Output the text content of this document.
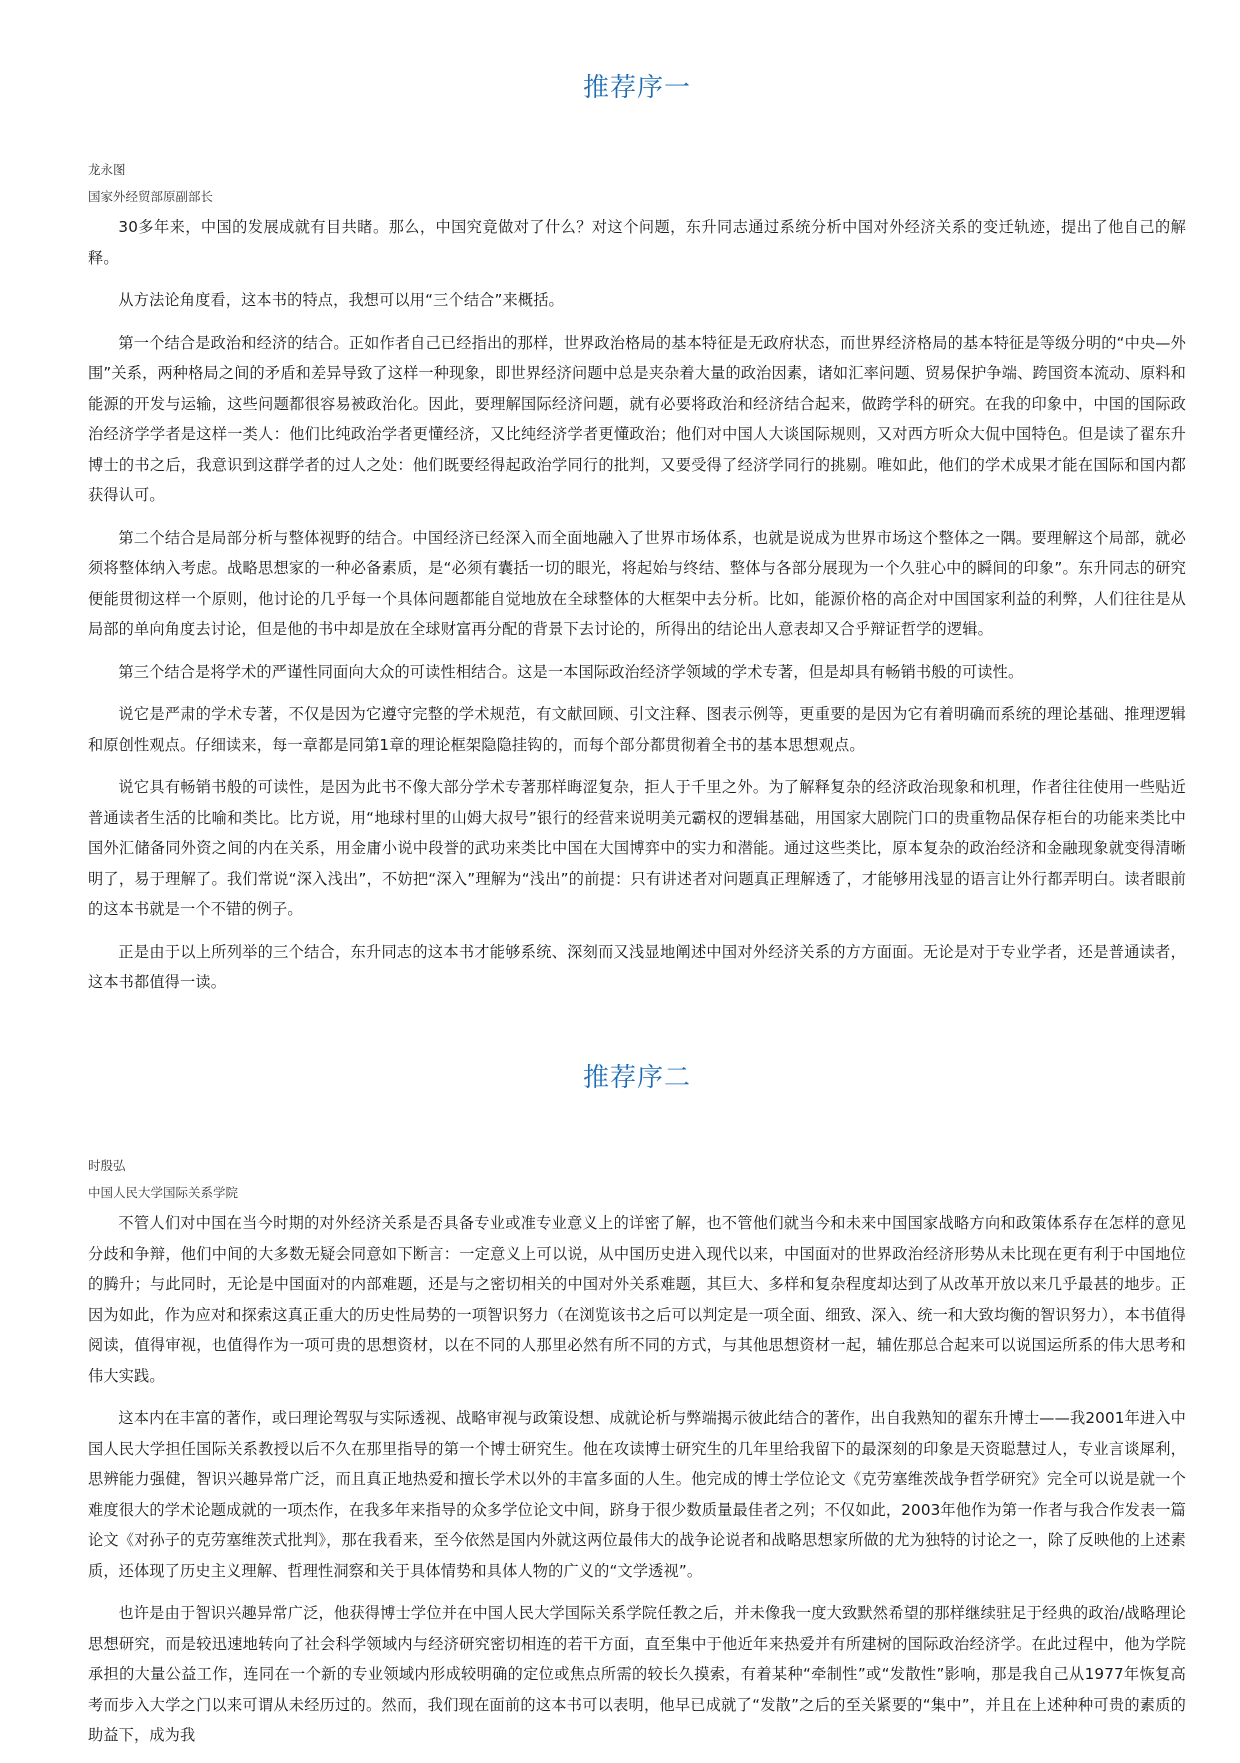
推荐序一
龙永图
国家外经贸部原副部长

30多年来，中国的发展成就有目共睹。那么，中国究竟做对了什么？对这个问题，东升同志通过系统分析中国对外经济关系的变迁轨迹，提出了他自己的解释。

从方法论角度看，这本书的特点，我想可以用“三个结合”来概括。

第一个结合是政治和经济的结合。正如作者自己已经指出的那样，世界政治格局的基本特征是无政府状态，而世界经济格局的基本特征是等级分明的“中央—外围”关系，两种格局之间的矛盾和差异导致了这样一种现象，即世界经济问题中总是夹杂着大量的政治因素，诸如汇率问题、贸易保护争端、跨国资本流动、原料和能源的开发与运输，这些问题都很容易被政治化。因此，要理解国际经济问题，就有必要将政治和经济结合起来，做跨学科的研究。在我的印象中，中国的国际政治经济学学者是这样一类人：他们比纯政治学者更懂经济，又比纯经济学者更懂政治；他们对中国人大谈国际规则，又对西方听众大侃中国特色。但是读了翟东升博士的书之后，我意识到这群学者的过人之处：他们既要经得起政治学同行的批判，又要受得了经济学同行的挑剔。唯如此，他们的学术成果才能在国际和国内都获得认可。

第二个结合是局部分析与整体视野的结合。中国经济已经深入而全面地融入了世界市场体系，也就是说成为世界市场这个整体之一隅。要理解这个局部，就必须将整体纳入考虑。战略思想家的一种必备素质，是“必须有囊括一切的眼光，将起始与终结、整体与各部分展现为一个久驻心中的瞬间的印象”。东升同志的研究便能贯彻这样一个原则，他讨论的几乎每一个具体问题都能自觉地放在全球整体的大框架中去分析。比如，能源价格的高企对中国国家利益的利弊，人们往往是从局部的单向角度去讨论，但是他的书中却是放在全球财富再分配的背景下去讨论的，所得出的结论出人意表却又合乎辩证哲学的逻辑。

第三个结合是将学术的严谨性同面向大众的可读性相结合。这是一本国际政治经济学领域的学术专著，但是却具有畅销书般的可读性。

说它是严肃的学术专著，不仅是因为它遵守完整的学术规范，有文献回顾、引文注释、图表示例等，更重要的是因为它有着明确而系统的理论基础、推理逻辑和原创性观点。仔细读来，每一章都是同第1章的理论框架隐隐挂钩的，而每个部分都贯彻着全书的基本思想观点。

说它具有畅销书般的可读性，是因为此书不像大部分学术专著那样晦涩复杂，拒人于千里之外。为了解释复杂的经济政治现象和机理，作者往往使用一些贴近普通读者生活的比喻和类比。比方说，用“地球村里的山姆大叔号”银行的经营来说明美元霸权的逻辑基础，用国家大剧院门口的贵重物品保存柜台的功能来类比中国外汇储备同外资之间的内在关系，用金庸小说中段誉的武功来类比中国在大国博弈中的实力和潜能。通过这些类比，原本复杂的政治经济和金融现象就变得清晰明了，易于理解了。我们常说“深入浅出”，不妨把“深入”理解为“浅出”的前提：只有讲述者对问题真正理解透了，才能够用浅显的语言让外行都弄明白。读者眼前的这本书就是一个不错的例子。

正是由于以上所列举的三个结合，东升同志的这本书才能够系统、深刻而又浅显地阐述中国对外经济关系的方方面面。无论是对于专业学者，还是普通读者，这本书都值得一读。

推荐序二
时殷弘
中国人民大学国际关系学院

不管人们对中国在当今时期的对外经济关系是否具备专业或准专业意义上的详密了解，也不管他们就当今和未来中国国家战略方向和政策体系存在怎样的意见分歧和争辩，他们中间的大多数无疑会同意如下断言：一定意义上可以说，从中国历史进入现代以来，中国面对的世界政治经济形势从未比现在更有利于中国地位的腾升；与此同时，无论是中国面对的内部难题，还是与之密切相关的中国对外关系难题，其巨大、多样和复杂程度却达到了从改革开放以来几乎最甚的地步。正因为如此，作为应对和探索这真正重大的历史性局势的一项智识努力（在浏览该书之后可以判定是一项全面、细致、深入、统一和大致均衡的智识努力），本书值得阅读，值得审视，也值得作为一项可贵的思想资材，以在不同的人那里必然有所不同的方式，与其他思想资材一起，辅佐那总合起来可以说国运所系的伟大思考和伟大实践。

这本内在丰富的著作，或曰理论驾驭与实际透视、战略审视与政策设想、成就论析与弊端揭示彼此结合的著作，出自我熟知的翟东升博士——我2001年进入中国人民大学担任国际关系教授以后不久在那里指导的第一个博士研究生。他在攻读博士研究生的几年里给我留下的最深刻的印象是天资聪慧过人，专业言谈犀利，思辨能力强健，智识兴趣异常广泛，而且真正地热爱和擅长学术以外的丰富多面的人生。他完成的博士学位论文《克劳塞维茨战争哲学研究》完全可以说是就一个难度很大的学术论题成就的一项杰作，在我多年来指导的众多学位论文中间，跻身于很少数质量最佳者之列；不仅如此，2003年他作为第一作者与我合作发表一篇论文《对孙子的克劳塞维茨式批判》，那在我看来，至今依然是国内外就这两位最伟大的战争论说者和战略思想家所做的尤为独特的讨论之一，除了反映他的上述素质，还体现了历史主义理解、哲理性洞察和关于具体情势和具体人物的广义的“文学透视”。

也许是由于智识兴趣异常广泛，他获得博士学位并在中国人民大学国际关系学院任教之后，并未像我一度大致默然希望的那样继续驻足于经典的政治/战略理论思想研究，而是较迅速地转向了社会科学领域内与经济研究密切相连的若干方面，直至集中于他近年来热爱并有所建树的国际政治经济学。在此过程中，他为学院承担的大量公益工作，连同在一个新的专业领域内形成较明确的定位或焦点所需的较长久摸索，有着某种“牵制性”或“发散性”影响，那是我自己从1977年恢复高考而步入大学之门以来可谓从未经历过的。然而，我们现在面前的这本书可以表明，他早已成就了“发散”之后的至关紧要的“集中”，并且在上述种种可贵的素质的助益下，成为我
